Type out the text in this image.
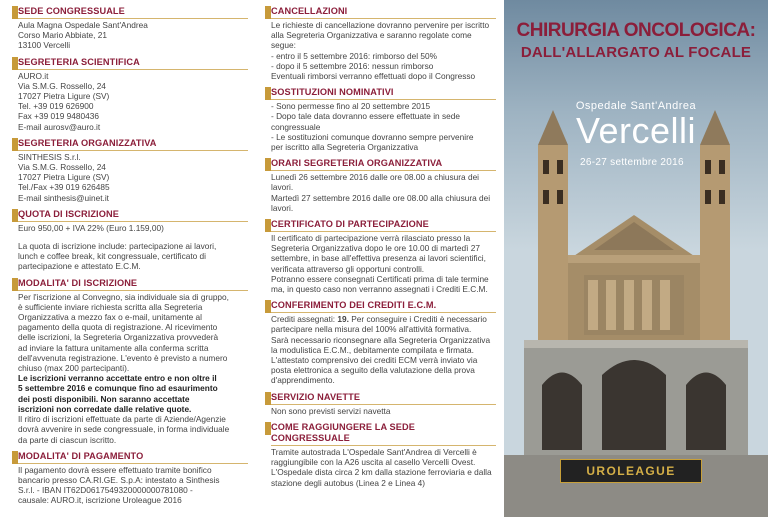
SEDE CONGRESSUALE
Aula Magna Ospedale Sant'Andrea
Corso Mario Abbiate, 21
13100 Vercelli
SEGRETERIA SCIENTIFICA
AURO.it
Via S.M.G. Rossello, 24
17027 Pietra Ligure (SV)
Tel. +39 019 626900
Fax +39 019 9480436
E-mail aurosv@auro.it
SEGRETERIA ORGANIZZATIVA
SINTHESIS S.r.l.
Via S.M.G. Rossello, 24
17027 Pietra Ligure (SV)
Tel./Fax +39 019 626485
E-mail sinthesis@uinet.it
QUOTA DI ISCRIZIONE
Euro 950,00 + IVA 22% (Euro 1.159,00)
La quota di iscrizione include: partecipazione ai lavori,
lunch e coffee break, kit congressuale, certificato di
partecipazione e attestato E.C.M.
MODALITA' DI ISCRIZIONE
Per l'iscrizione al Convegno, sia individuale sia di gruppo,
è sufficiente inviare richiesta scritta alla Segreteria
Organizzativa a mezzo fax o e-mail, unitamente al
pagamento della quota di registrazione. Al ricevimento
delle iscrizioni, la Segreteria Organizzativa provvederà
ad inviare la fattura unitamente alla conferma scritta
dell'avvenuta registrazione. L'evento è previsto a numero
chiuso (max 200 partecipanti).
Le iscrizioni verranno accettate entro e non oltre il
5 settembre 2016 e comunque fino ad esaurimento
dei posti disponibili. Non saranno accettate
iscrizioni non corredate dalle relative quote.
Il ritiro di iscrizioni effettuate da parte di Aziende/Agenzie
dovrà avvenire in sede congressuale, in forma individuale
da parte di ciascun iscritto.
MODALITA' DI PAGAMENTO
Il pagamento dovrà essere effettuato tramite bonifico
bancario presso CA.RI.GE. S.p.A: intestato a Sinthesis
S.r.l. - IBAN IT62D0617549320000000781080 -
causale: AURO.it, iscrizione Uroleague 2016
CANCELLAZIONI
Le richieste di cancellazione dovranno pervenire per iscritto
alla Segreteria Organizzativa e saranno regolate come
segue:
- entro il 5 settembre 2016: rimborso del 50%
- dopo il 5 settembre 2016: nessun rimborso
Eventuali rimborsi verranno effettuati dopo il Congresso
SOSTITUZIONI NOMINATIVI
- Sono permesse fino al 20 settembre 2015
- Dopo tale data dovranno essere effettuate in sede
congressuale
- Le sostituzioni comunque dovranno sempre pervenire
per iscritto alla Segreteria Organizzativa
ORARI SEGRETERIA ORGANIZZATIVA
Lunedì 26 settembre 2016 dalle ore 08.00 a chiusura dei
lavori.
Martedì 27 settembre 2016 dalle ore 08.00 alla chiusura dei
lavori.
CERTIFICATO DI PARTECIPAZIONE
Il certificato di partecipazione verrà rilasciato presso la
Segreteria Organizzativa dopo le ore 10.00 di martedì 27
settembre, in base all'effettiva presenza ai lavori scientifici,
verificata attraverso gli opportuni controlli.
Potranno essere consegnati Certificati prima di tale termine
ma, in questo caso non verranno assegnati i Crediti E.C.M.
CONFERIMENTO DEI CREDITI E.C.M.
Crediti assegnati: 19. Per conseguire i Crediti è necessario
partecipare nella misura del 100% all'attività formativa.
Sarà necessario riconsegnare alla Segreteria Organizzativa
la modulistica E.C.M., debitamente compilata e firmata.
L'attestato comprensivo dei crediti ECM verrà inviato via
posta elettronica a seguito della valutazione della prova
d'apprendimento.
SERVIZIO NAVETTE
Non sono previsti servizi navetta
COME RAGGIUNGERE LA SEDE CONGRESSUALE
Tramite autostrada L'Ospedale Sant'Andrea di Vercelli è
raggiungibile con la A26 uscita al casello Vercelli Ovest.
L'Ospedale dista circa 2 km dalla stazione ferroviaria e dalla
stazione degli autobus (Linea 2 e Linea 4)
CHIRURGIA ONCOLOGICA:
DALL'ALLARGATO AL FOCALE
Ospedale Sant'Andrea
Vercelli
26-27 settembre 2016
UROLEAGUE
